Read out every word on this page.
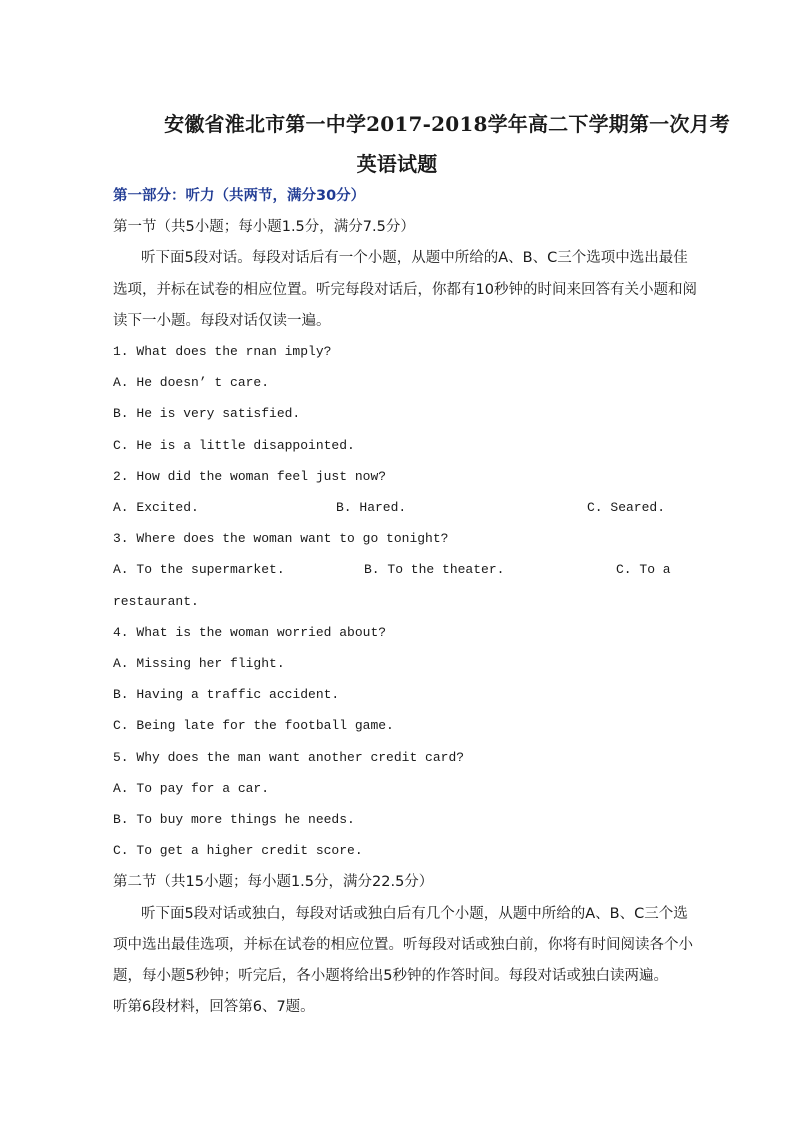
安徽省淮北市第一中学2017-2018学年高二下学期第一次月考
英语试题

第一部分：听力（共两节，满分30分）

第一节（共5小题；每小题1.5分，满分7.5分）

听下面5段对话。每段对话后有一个小题，从题中所给的A、B、C三个选项中选出最佳

选项，并标在试卷的相应位置。听完每段对话后，你都有10秒钟的时间来回答有关小题和阅

读下一小题。每段对话仅读一遍。

1. What does the rnan imply?

A. He doesn’ t care.

B. He is very satisfied.

C. He is a little disappointed.

2. How did the woman feel just now?

A. Excited.	B. Hared.	C. Seared.

3. Where does the woman want to go tonight?

A. To the supermarket.	B. To the theater.	C. To a

restaurant.

4. What is the woman worried about?

A. Missing her flight.

B. Having a traffic accident.

C. Being late for the football game.

5. Why does the man want another credit card?

A. To pay for a car.

B. To buy more things he needs.

C. To get a higher credit score.

第二节（共15小题；每小题1.5分，满分22.5分）

听下面5段对话或独白，每段对话或独白后有几个小题，从题中所给的A、B、C三个选

项中选出最佳选项，并标在试卷的相应位置。听每段对话或独白前，你将有时间阅读各个小

题，每小题5秒钟；听完后，各小题将给出5秒钟的作答时间。每段对话或独白读两遍。

听第6段材料，回答第6、7题。
